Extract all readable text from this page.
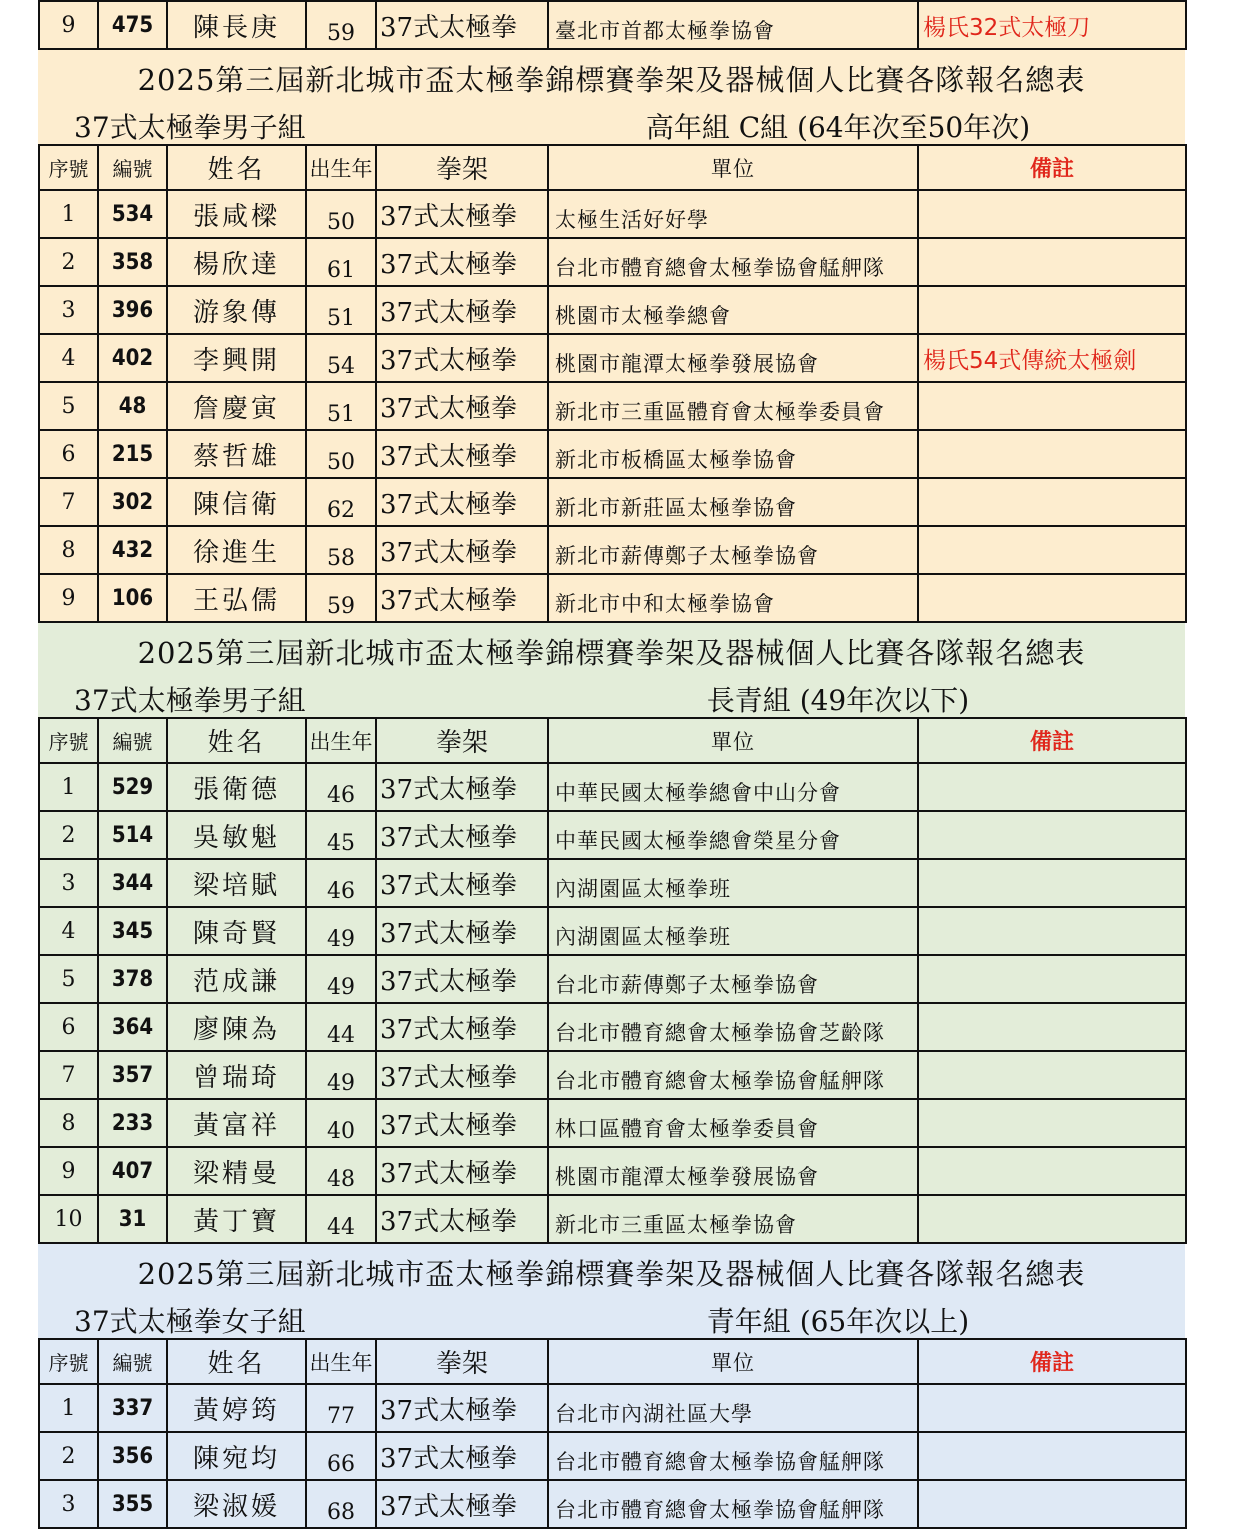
9	475	陳長庚	59	37式太極拳	臺北市首都太極拳協會	楊氏32式太極刀
2025第三屆新北城市盃太極拳錦標賽拳架及器械個人比賽各隊報名總表
37式太極拳男子組	高年組 C組 (64年次至50年次)
序號	編號	姓名	出生年	拳架	單位	備註
1	534	張咸樑	50	37式太極拳	太極生活好好學	
2	358	楊欣達	61	37式太極拳	台北市體育總會太極拳協會艋舺隊	
3	396	游象傳	51	37式太極拳	桃園市太極拳總會	
4	402	李興開	54	37式太極拳	桃園市龍潭太極拳發展協會	楊氏54式傳統太極劍
5	48	詹慶寅	51	37式太極拳	新北市三重區體育會太極拳委員會	
6	215	蔡哲雄	50	37式太極拳	新北市板橋區太極拳協會	
7	302	陳信衛	62	37式太極拳	新北市新莊區太極拳協會	
8	432	徐進生	58	37式太極拳	新北市薪傳鄭子太極拳協會	
9	106	王弘儒	59	37式太極拳	新北市中和太極拳協會	
2025第三屆新北城市盃太極拳錦標賽拳架及器械個人比賽各隊報名總表
37式太極拳男子組	長青組 (49年次以下)
序號	編號	姓名	出生年	拳架	單位	備註
1	529	張衛德	46	37式太極拳	中華民國太極拳總會中山分會	
2	514	吳敏魁	45	37式太極拳	中華民國太極拳總會榮星分會	
3	344	梁培賦	46	37式太極拳	內湖園區太極拳班	
4	345	陳奇賢	49	37式太極拳	內湖園區太極拳班	
5	378	范成謙	49	37式太極拳	台北市薪傳鄭子太極拳協會	
6	364	廖陳為	44	37式太極拳	台北市體育總會太極拳協會芝齡隊	
7	357	曾瑞琦	49	37式太極拳	台北市體育總會太極拳協會艋舺隊	
8	233	黃富祥	40	37式太極拳	林口區體育會太極拳委員會	
9	407	梁精曼	48	37式太極拳	桃園市龍潭太極拳發展協會	
10	31	黃丁寶	44	37式太極拳	新北市三重區太極拳協會	
2025第三屆新北城市盃太極拳錦標賽拳架及器械個人比賽各隊報名總表
37式太極拳女子組	青年組 (65年次以上)
序號	編號	姓名	出生年	拳架	單位	備註
1	337	黃婷筠	77	37式太極拳	台北市內湖社區大學	
2	356	陳宛均	66	37式太極拳	台北市體育總會太極拳協會艋舺隊	
3	355	梁淑媛	68	37式太極拳	台北市體育總會太極拳協會艋舺隊	
